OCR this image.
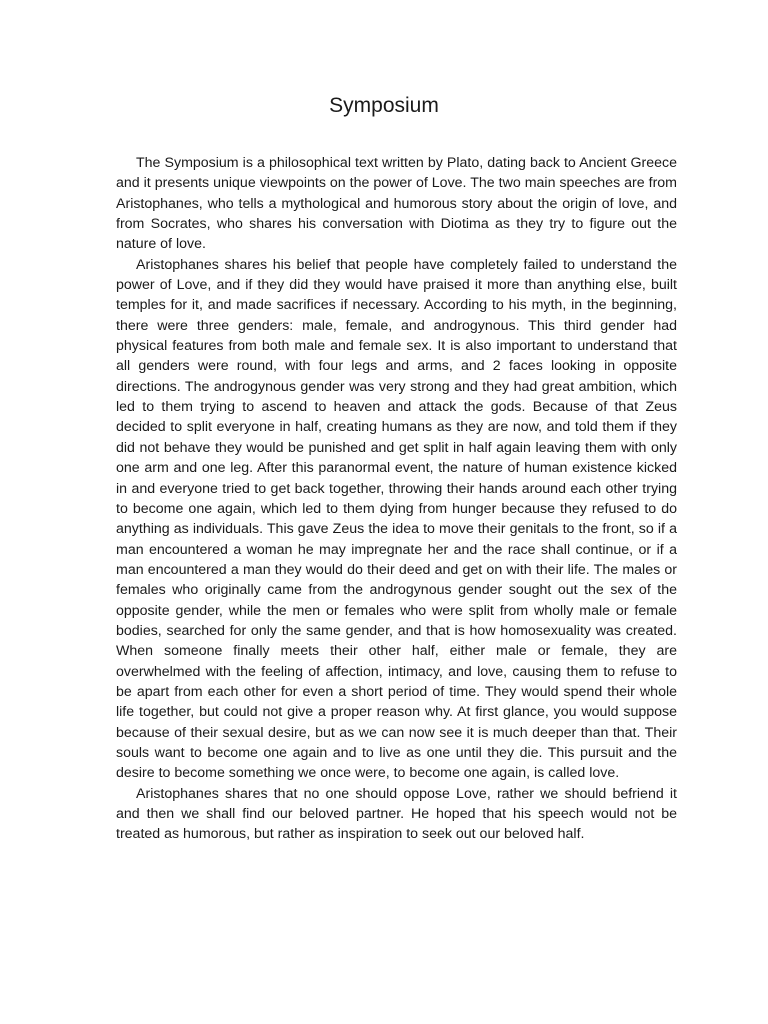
Symposium

The Symposium is a philosophical text written by Plato, dating back to Ancient Greece and it presents unique viewpoints on the power of Love. The two main speeches are from Aristophanes, who tells a mythological and humorous story about the origin of love, and from Socrates, who shares his conversation with Diotima as they try to figure out the nature of love.

Aristophanes shares his belief that people have completely failed to understand the power of Love, and if they did they would have praised it more than anything else, built temples for it, and made sacrifices if necessary. According to his myth, in the beginning, there were three genders: male, female, and androgynous. This third gender had physical features from both male and female sex. It is also important to understand that all genders were round, with four legs and arms, and 2 faces looking in opposite directions. The androgynous gender was very strong and they had great ambition, which led to them trying to ascend to heaven and attack the gods. Because of that Zeus decided to split everyone in half, creating humans as they are now, and told them if they did not behave they would be punished and get split in half again leaving them with only one arm and one leg. After this paranormal event, the nature of human existence kicked in and everyone tried to get back together, throwing their hands around each other trying to become one again, which led to them dying from hunger because they refused to do anything as individuals. This gave Zeus the idea to move their genitals to the front, so if a man encountered a woman he may impregnate her and the race shall continue, or if a man encountered a man they would do their deed and get on with their life. The males or females who originally came from the androgynous gender sought out the sex of the opposite gender, while the men or females who were split from wholly male or female bodies, searched for only the same gender, and that is how homosexuality was created. When someone finally meets their other half, either male or female, they are overwhelmed with the feeling of affection, intimacy, and love, causing them to refuse to be apart from each other for even a short period of time. They would spend their whole life together, but could not give a proper reason why. At first glance, you would suppose because of their sexual desire, but as we can now see it is much deeper than that. Their souls want to become one again and to live as one until they die. This pursuit and the desire to become something we once were, to become one again, is called love.

Aristophanes shares that no one should oppose Love, rather we should befriend it and then we shall find our beloved partner. He hoped that his speech would not be treated as humorous, but rather as inspiration to seek out our beloved half.
